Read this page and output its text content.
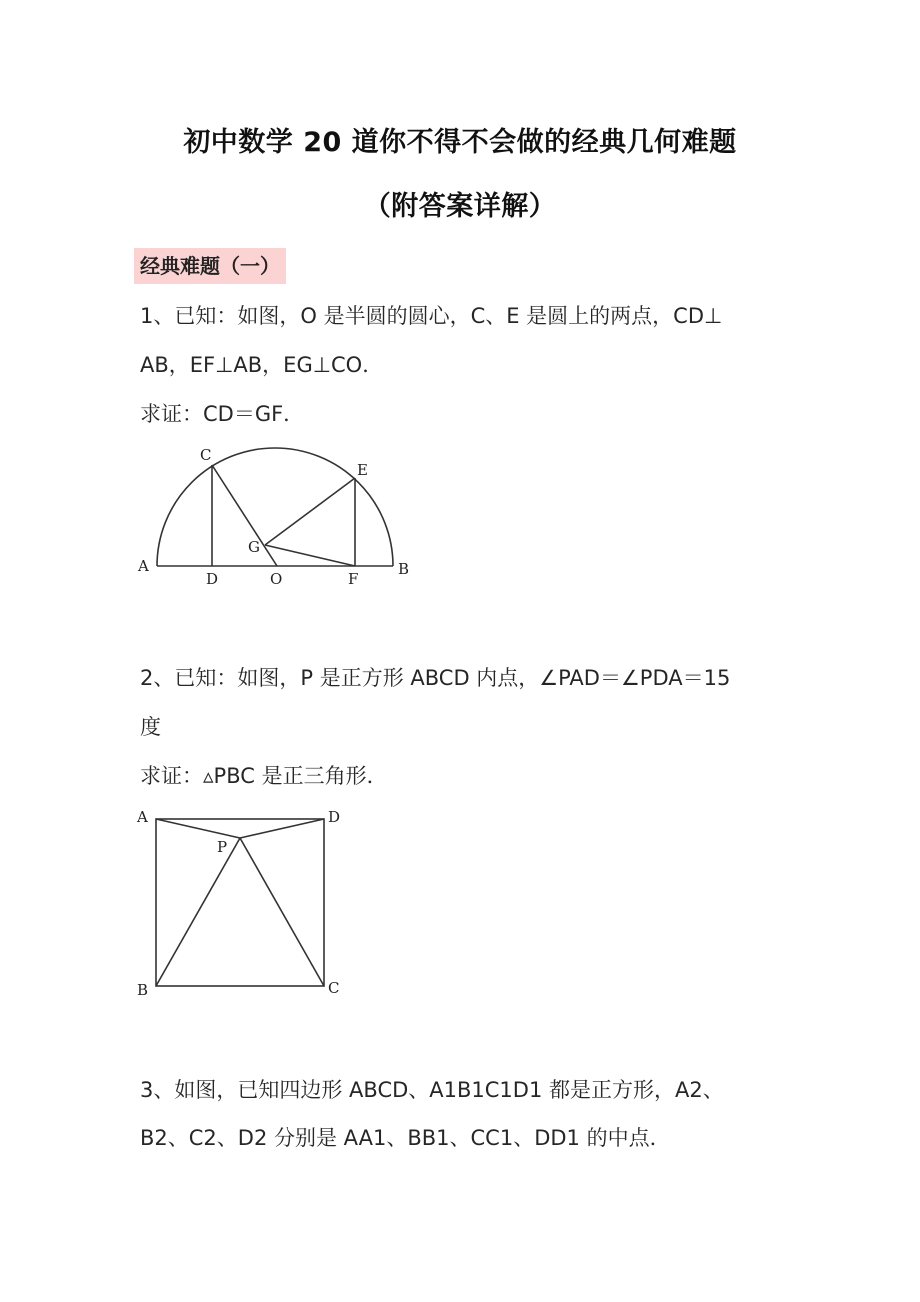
初中数学 20 道你不得不会做的经典几何难题
（附答案详解）
经典难题（一）
1、已知：如图，O 是半圆的圆心，C、E 是圆上的两点，CD⊥
AB，EF⊥AB，EG⊥CO．
求证：CD＝GF．
A	B
C
D
E
F
G
O
A	D
P
B	C
2、已知：如图，P 是正方形 ABCD 内点，∠PAD＝∠PDA＝15
度
求证：▵PBC 是正三角形．
3、如图，已知四边形 ABCD、A1B1C1D1 都是正方形，A2、
B2、C2、D2 分别是 AA1、BB1、CC1、DD1 的中点．
